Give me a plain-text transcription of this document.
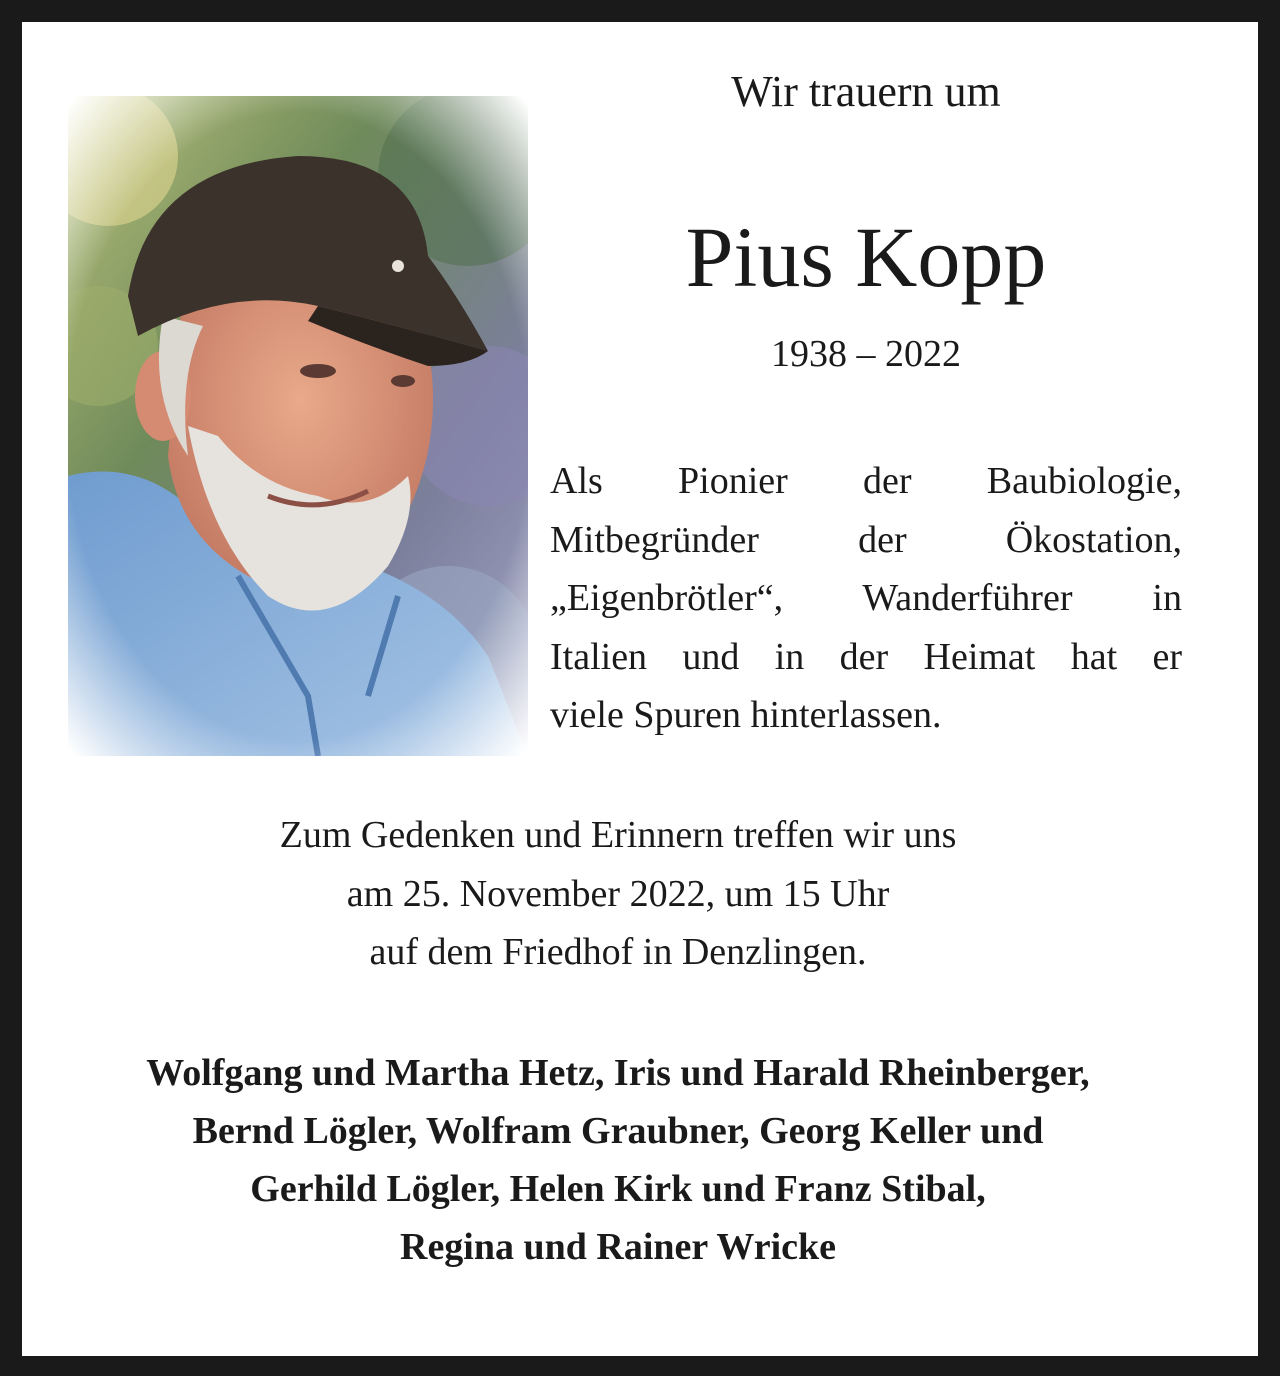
Wir trauern um
Pius Kopp
1938 – 2022
Als Pionier der Baubiologie,
Mitbegründer der Ökostation,
„Eigenbrötler“, Wanderführer in
Italien und in der Heimat hat er
viele Spuren hinterlassen.
Zum Gedenken und Erinnern treffen wir uns
am 25. November 2022, um 15 Uhr
auf dem Friedhof in Denzlingen.
Wolfgang und Martha Hetz, Iris und Harald Rheinberger,
Bernd Lögler, Wolfram Graubner, Georg Keller und
Gerhild Lögler, Helen Kirk und Franz Stibal,
Regina und Rainer Wricke
